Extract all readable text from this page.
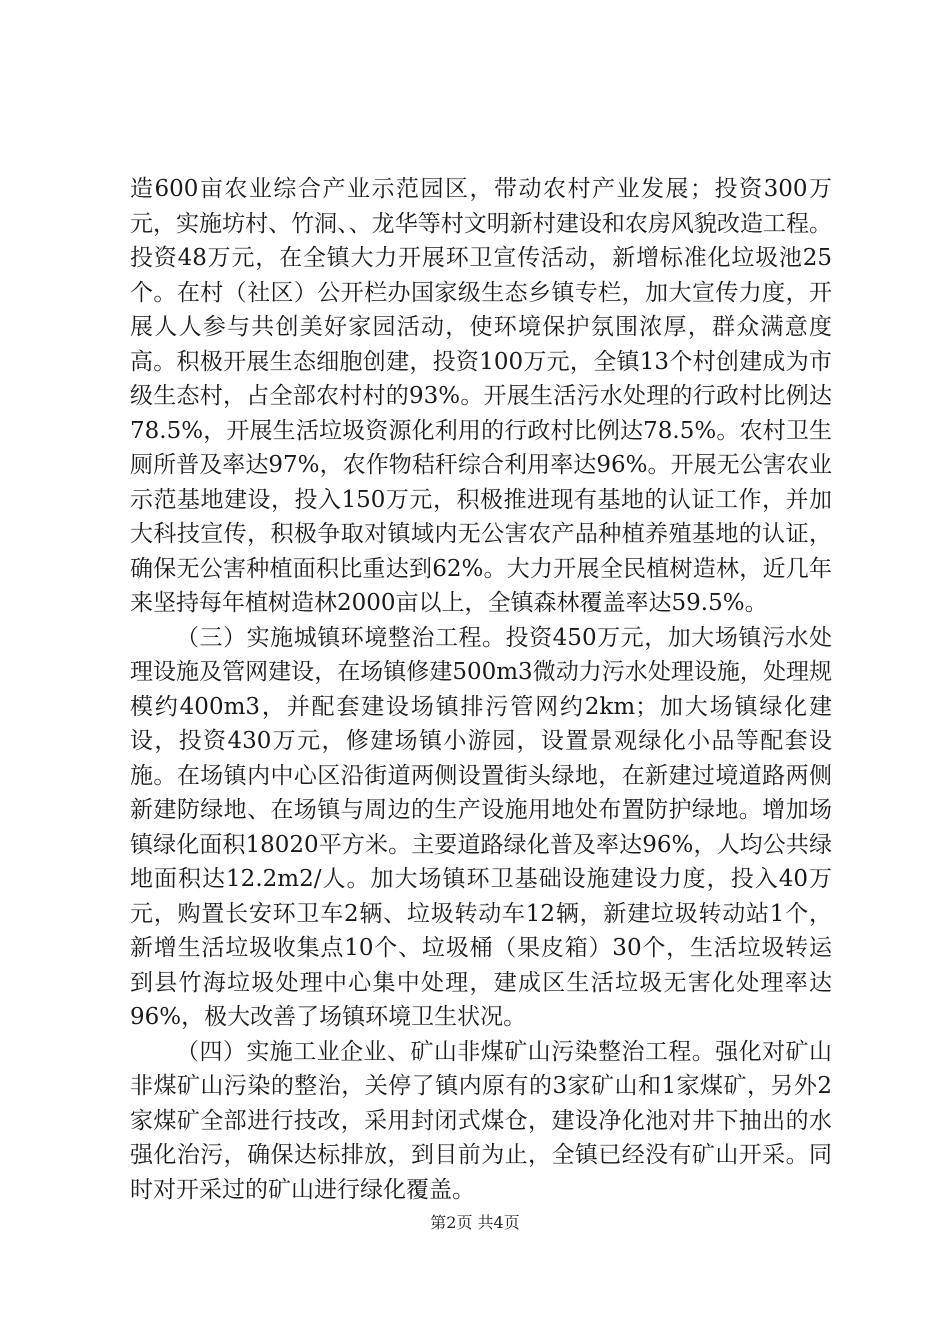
造600亩农业综合产业示范园区，带动农村产业发展；投资300万元，实施坊村、竹洞、、龙华等村文明新村建设和农房风貌改造工程。投资48万元，在全镇大力开展环卫宣传活动，新增标准化垃圾池25个。在村（社区）公开栏办国家级生态乡镇专栏，加大宣传力度，开展人人参与共创美好家园活动，使环境保护氛围浓厚，群众满意度高。积极开展生态细胞创建，投资100万元，全镇13个村创建成为市级生态村，占全部农村村的93%。开展生活污水处理的行政村比例达78.5%，开展生活垃圾资源化利用的行政村比例达78.5%。农村卫生厕所普及率达97%，农作物秸秆综合利用率达96%。开展无公害农业示范基地建设，投入150万元，积极推进现有基地的认证工作，并加大科技宣传，积极争取对镇域内无公害农产品种植养殖基地的认证，确保无公害种植面积比重达到62%。大力开展全民植树造林，近几年来坚持每年植树造林2000亩以上，全镇森林覆盖率达59.5%。

（三）实施城镇环境整治工程。投资450万元，加大场镇污水处理设施及管网建设，在场镇修建500m3微动力污水处理设施，处理规模约400m3，并配套建设场镇排污管网约2km；加大场镇绿化建设，投资430万元，修建场镇小游园，设置景观绿化小品等配套设施。在场镇内中心区沿街道两侧设置街头绿地，在新建过境道路两侧新建防绿地、在场镇与周边的生产设施用地处布置防护绿地。增加场镇绿化面积18020平方米。主要道路绿化普及率达96%，人均公共绿地面积达12.2m2/人。加大场镇环卫基础设施建设力度，投入40万元，购置长安环卫车2辆、垃圾转动车12辆，新建垃圾转动站1个，新增生活垃圾收集点10个、垃圾桶（果皮箱）30个，生活垃圾转运到县竹海垃圾处理中心集中处理，建成区生活垃圾无害化处理率达96%，极大改善了场镇环境卫生状况。

（四）实施工业企业、矿山非煤矿山污染整治工程。强化对矿山非煤矿山污染的整治，关停了镇内原有的3家矿山和1家煤矿，另外2家煤矿全部进行技改，采用封闭式煤仓，建设净化池对井下抽出的水强化治污，确保达标排放，到目前为止，全镇已经没有矿山开采。同时对开采过的矿山进行绿化覆盖。

第2页 共4页
